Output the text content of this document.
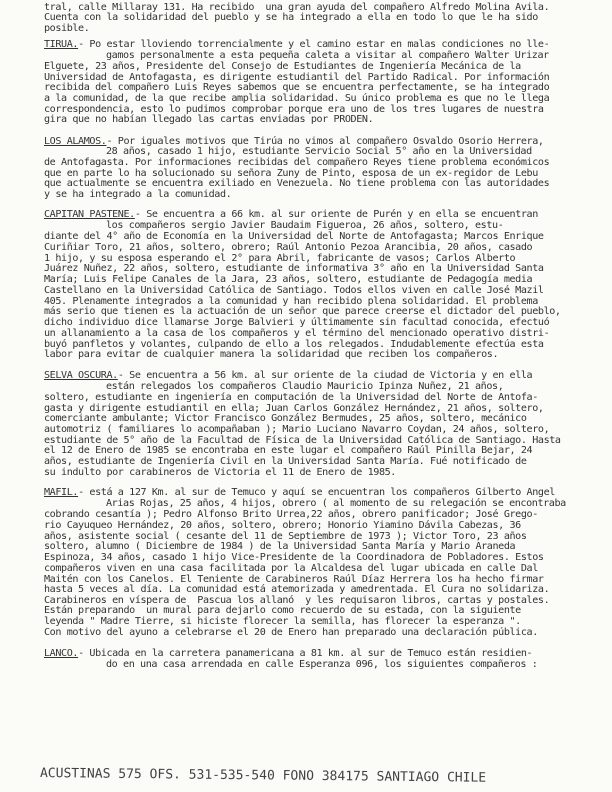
tral, calle Millaray 131. Ha recibido  una gran ayuda del compañero Alfredo Molina Avila.
Cuenta con la solidaridad del pueblo y se ha integrado a ella en todo lo que le ha sido
posible.
TIRUA.- Po estar lloviendo torrencialmente y el camino estar en malas condiciones no lle-
gamos personalmente a esta pequeña caleta a visitar al compañero Walter Urizar
Elguete, 23 años, Presidente del Consejo de Estudiantes de Ingeniería Mecánica de la
Universidad de Antofagasta, es dirigente estudiantil del Partido Radical. Por información
recibida del compañero Luis Reyes sabemos que se encuentra perfectamente, se ha integrado
a la comunidad, de la que recibe amplia solidaridad. Su único problema es que no le llega
correspondencia, esto lo pudimos comprobar porque era uno de los tres lugares de nuestra
gira que no habían llegado las cartas enviadas por PRODEN.
LOS ALAMOS.- Por iguales motivos que Tirúa no vimos al compañero Osvaldo Osorio Herrera,
28 años, casado 1 hijo, estudiante Servicio Social 5° año en la Universidad
de Antofagasta. Por informaciones recibidas del compañero Reyes tiene problema económicos
que en parte lo ha solucionado su señora Zuny de Pinto, esposa de un ex-regidor de Lebu
que actualmente se encuentra exiliado en Venezuela. No tiene problema con las autoridades
y se ha integrado a la comunidad.
CAPITAN PASTENE.- Se encuentra a 66 km. al sur oriente de Purén y en ella se encuentran
los compañeros sergio Javier Baudaim Figueroa, 26 años, soltero, estu-
diante del 4° año de Economía en la Universidad del Norte de Antofagasta; Marcos Enrique
Curiñiar Toro, 21 años, soltero, obrero; Raúl Antonio Pezoa Arancibia, 20 años, casado
1 hijo, y su esposa esperando el 2° para Abril, fabricante de vasos; Carlos Alberto
Juárez Nuñez, 22 años, soltero, estudiante de informativa 3° año en la Universidad Santa
María; Luis Felipe Canales de la Jara, 23 años, soltero, estudiante de Pedagogía media
Castellano en la Universidad Católica de Santiago. Todos ellos viven en calle José Mazil
405. Plenamente integrados a la comunidad y han recibido plena solidaridad. El problema
más serio que tienen es la actuación de un señor que parece creerse el dictador del pueblo,
dicho individuo dice llamarse Jorge Balvieri y últimamente sin facultad conocida, efectuó
un allanamiento a la casa de los compañeros y el término del mencionado operativo distri-
buyó panfletos y volantes, culpando de ello a los relegados. Indudablemente efectúa esta
labor para evitar de cualquier manera la solidaridad que reciben los compañeros.
SELVA OSCURA.- Se encuentra a 56 km. al sur oriente de la ciudad de Victoria y en ella
están relegados los compañeros Claudio Mauricio Ipinza Nuñez, 21 años,
soltero, estudiante en ingeniería en computación de la Universidad del Norte de Antofa-
gasta y dirigente estudiantil en ella; Juan Carlos González Hernández, 21 años, soltero,
comerciante ambulante; Victor Francisco González Bermudes, 25 años, soltero, mecánico
automotriz ( familiares lo acompañaban ); Mario Luciano Navarro Coydan, 24 años, soltero,
estudiante de 5° año de la Facultad de Física de la Universidad Católica de Santiago. Hasta
el 12 de Enero de 1985 se encontraba en este lugar el compañero Raúl Pinilla Bejar, 24
años, estudiante de Ingeniería Civil en la Universidad Santa María. Fué notificado de
su indulto por carabineros de Victoria el 11 de Enero de 1985.
MAFIL.- está a 127 Km. al sur de Temuco y aquí se encuentran los compañeros Gilberto Angel
Arias Rojas, 25 años, 4 hijos, obrero ( al momento de su relegación se encontraba
cobrando cesantía ); Pedro Alfonso Brito Urrea,22 años, obrero panificador; José Grego-
rio Cayuqueo Hernández, 20 años, soltero, obrero; Honorio Yiamino Dávila Cabezas, 36
años, asistente social ( cesante del 11 de Septiembre de 1973 ); Victor Toro, 23 años
soltero, alumno ( Diciembre de 1984 ) de la Universidad Santa María y Mario Araneda
Espinoza, 34 años, casado 1 hijo Vice-Presidente de la Coordinadora de Pobladores. Estos
compañeros viven en una casa facilitada por la Alcaldesa del lugar ubicada en calle Dal
Maitén con los Canelos. El Teniente de Carabineros Raúl Díaz Herrera los ha hecho firmar
hasta 5 veces al día. La comunidad está atemorizada y amedrentada. El Cura no solidariza.
Carabineros en víspera de  Pascua los allanó  y les requisaron libros, cartas y postales.
Están preparando  un mural para dejarlo como recuerdo de su estada, con la siguiente
leyenda " Madre Tierre, si hiciste florecer la semilla, has florecer la esperanza ".
Con motivo del ayuno a celebrarse el 20 de Enero han preparado una declaración pública.
LANCO.- Ubicada en la carretera panamericana a 81 km. al sur de Temuco están residien-
do en una casa arrendada en calle Esperanza 096, los siguientes compañeros :
ACUSTINAS 575 OFS. 531-535-540 FONO 384175 SANTIAGO CHILE
